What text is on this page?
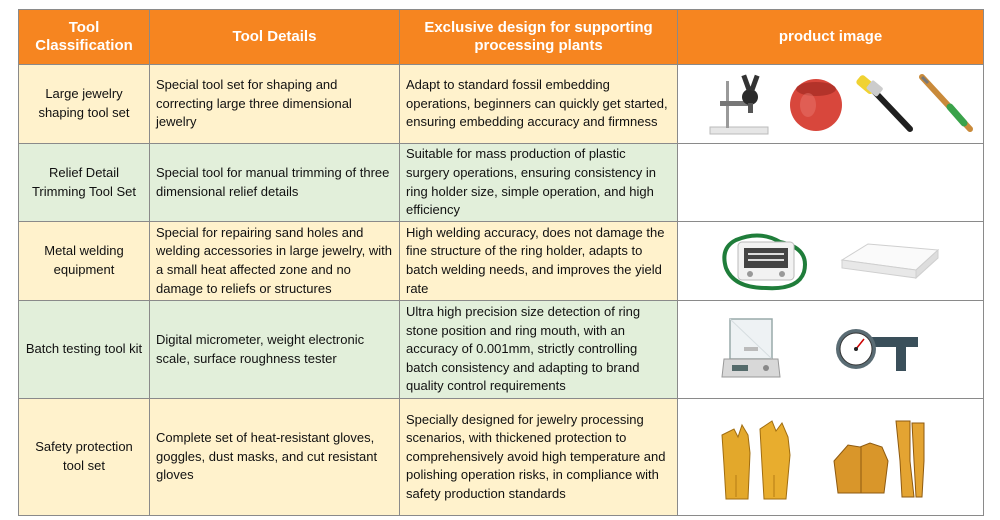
Tool Classification	Tool Details	Exclusive design for supporting processing plants	product image
Large jewelry shaping tool set	Special tool set for shaping and correcting large three dimensional jewelry	Adapt to standard fossil embedding operations, beginners can quickly get started, ensuring embedding accuracy and firmness	

Relief Detail Trimming Tool Set	Special tool for manual trimming of three dimensional relief details	Suitable for mass production of plastic surgery operations, ensuring consistency in ring holder size, simple operation, and high efficiency	
Metal welding equipment	Special for repairing sand holes and welding accessories in large jewelry, with a small heat affected zone and no damage to reliefs or structures	High welding accuracy, does not damage the fine structure of the ring holder, adapts to batch welding needs, and improves the yield rate	

Batch testing tool kit	Digital micrometer, weight electronic scale, surface roughness tester	Ultra high precision size detection of ring stone position and ring mouth, with an accuracy of 0.001mm, strictly controlling batch consistency and adapting to brand quality control requirements	

Safety protection tool set	Complete set of heat-resistant gloves, goggles, dust masks, and cut resistant gloves	Specially designed for jewelry processing scenarios, with thickened protection to comprehensively avoid high temperature and polishing operation risks, in compliance with safety production standards	
